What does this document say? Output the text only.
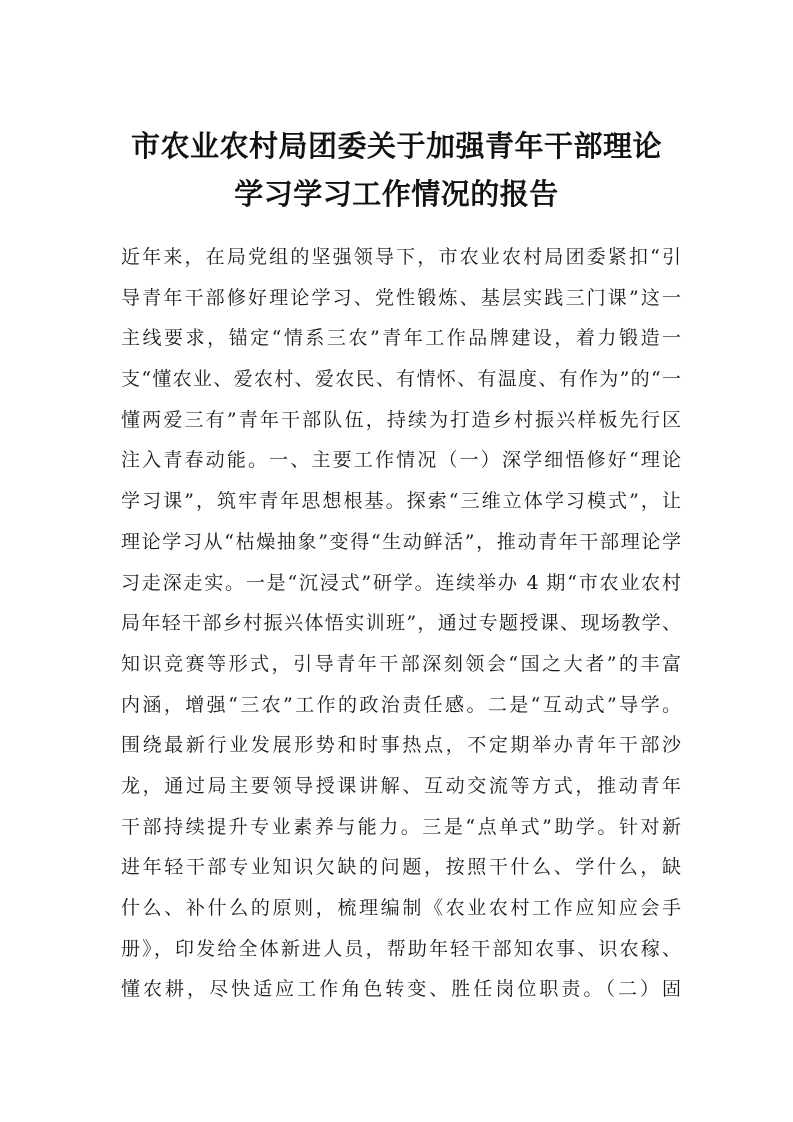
市农业农村局团委关于加强青年干部理论
学习学习工作情况的报告
近年来，在局党组的坚强领导下，市农业农村局团委紧扣“引
导青年干部修好理论学习、党性锻炼、基层实践三门课”这一
主线要求，锚定“情系三农”青年工作品牌建设，着力锻造一
支“懂农业、爱农村、爱农民、有情怀、有温度、有作为”的“一
懂两爱三有”青年干部队伍，持续为打造乡村振兴样板先行区
注入青春动能。一、主要工作情况（一）深学细悟修好“理论
学习课”，筑牢青年思想根基。探索“三维立体学习模式”，让
理论学习从“枯燥抽象”变得“生动鲜活”，推动青年干部理论学
习走深走实。一是“沉浸式”研学。连续举办 4 期“市农业农村
局年轻干部乡村振兴体悟实训班”，通过专题授课、现场教学、
知识竞赛等形式，引导青年干部深刻领会“国之大者”的丰富
内涵，增强“三农”工作的政治责任感。二是“互动式”导学。
围绕最新行业发展形势和时事热点，不定期举办青年干部沙
龙，通过局主要领导授课讲解、互动交流等方式，推动青年
干部持续提升专业素养与能力。三是“点单式”助学。针对新
进年轻干部专业知识欠缺的问题，按照干什么、学什么，缺
什么、补什么的原则，梳理编制《农业农村工作应知应会手
册》，印发给全体新进人员，帮助年轻干部知农事、识农稼、
懂农耕，尽快适应工作角色转变、胜任岗位职责。（二）固
